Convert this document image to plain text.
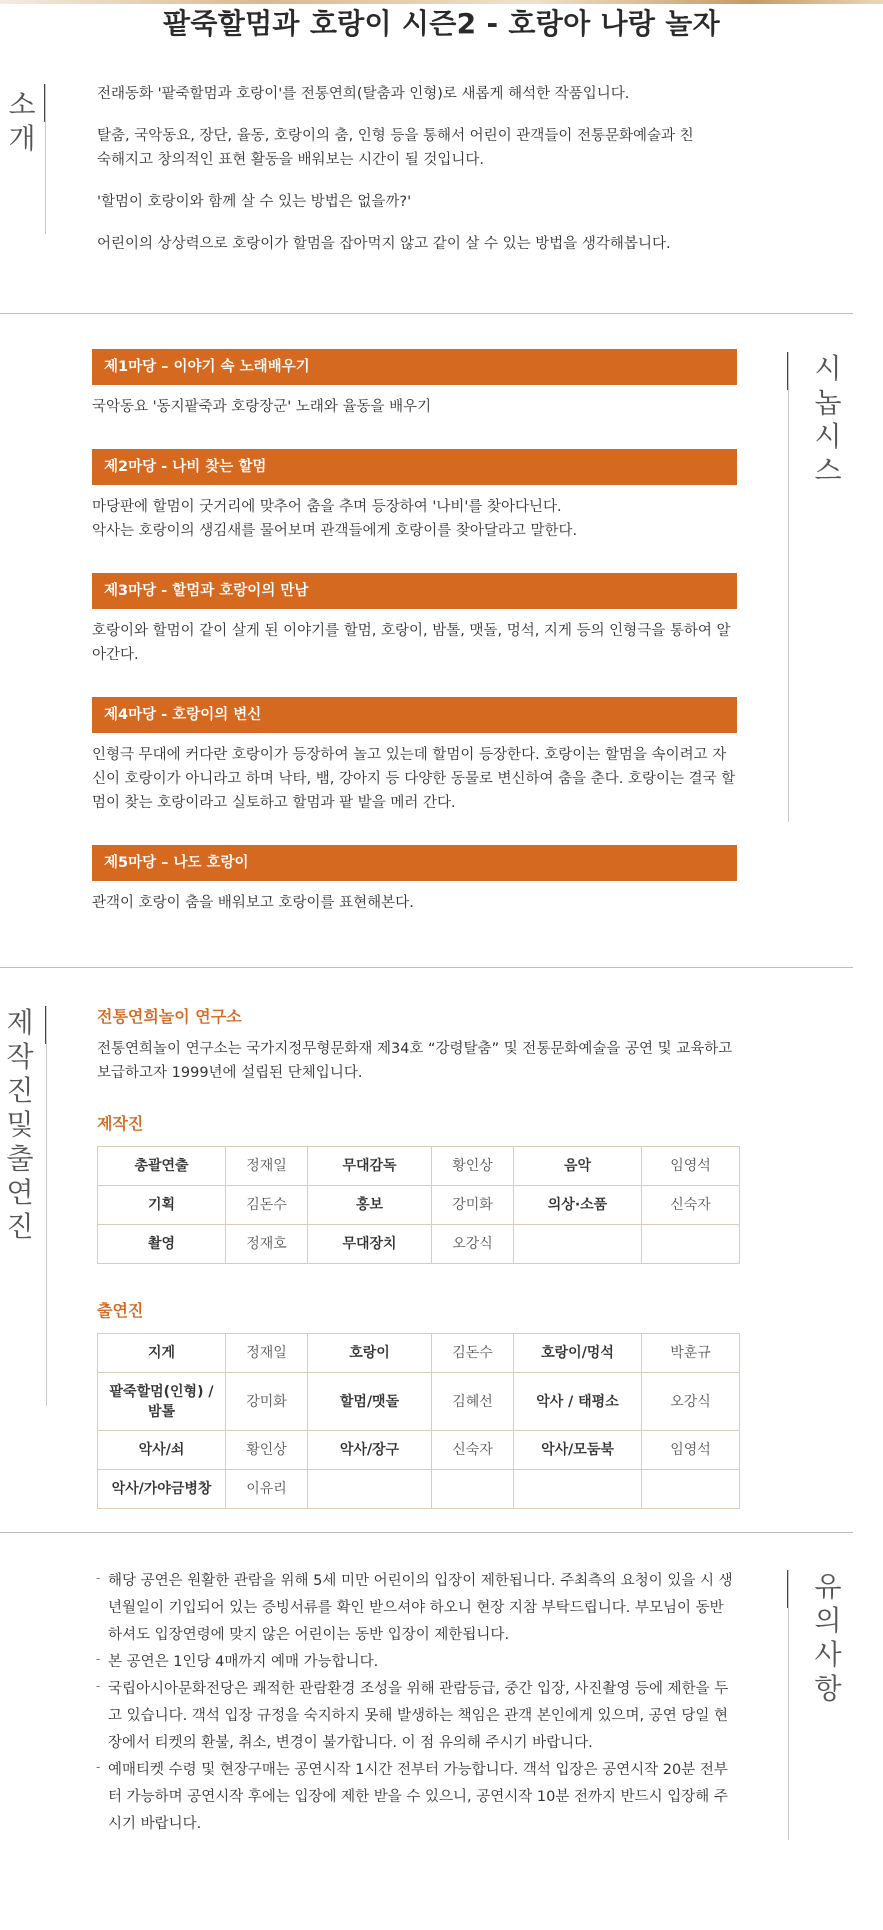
팥죽할멈과 호랑이 시즌2 - 호랑아 나랑 놀자
소
개

전래동화 '팥죽할멈과 호랑이'를 전통연희(탈춤과 인형)로 새롭게 해석한 작품입니다.

탈춤, 국악동요, 장단, 율동, 호랑이의 춤, 인형 등을 통해서 어린이 관객들이 전통문화예술과 친숙해지고 창의적인 표현 활동을 배워보는 시간이 될 것입니다.

'할멈이 호랑이와 함께 살 수 있는 방법은 없을까?'

어린이의 상상력으로 호랑이가 할멈을 잡아먹지 않고 같이 살 수 있는 방법을 생각해봅니다.

시
놉
시
스
제1마당 – 이야기 속 노래배우기
국악동요 '동지팥죽과 호랑장군' 노래와 율동을 배우기
제2마당 - 나비 찾는 할멈
마당판에 할멈이 굿거리에 맞추어 춤을 추며 등장하여 '나비'를 찾아다닌다.
악사는 호랑이의 생김새를 물어보며 관객들에게 호랑이를 찾아달라고 말한다.
제3마당 - 할멈과 호랑이의 만남
호랑이와 할멈이 같이 살게 된 이야기를 할멈, 호랑이, 밤톨, 맷돌, 멍석, 지게 등의 인형극을 통하여 알아간다.
제4마당 - 호랑이의 변신
인형극 무대에 커다란 호랑이가 등장하여 놀고 있는데 할멈이 등장한다. 호랑이는 할멈을 속이려고 자신이 호랑이가 아니라고 하며 낙타, 뱀, 강아지 등 다양한 동물로 변신하여 춤을 춘다. 호랑이는 결국 할멈이 찾는 호랑이라고 실토하고 할멈과 팥 밭을 메러 간다.
제5마당 – 나도 호랑이
관객이 호랑이 춤을 배워보고 호랑이를 표현해본다.
제
작
진
및
출
연
진
전통연희놀이 연구소
전통연희놀이 연구소는 국가지정무형문화재 제34호 “강령탈춤” 및 전통문화예술을 공연 및 교육하고 보급하고자 1999년에 설립된 단체입니다.
제작진
총괄연출	정재일	무대감독	황인상	음악	임영석
기획	김돈수	홍보	강미화	의상·소품	신숙자
촬영	정재호	무대장치	오강식		
출연진
지게	정재일	호랑이	김돈수	호랑이/멍석	박훈규
팥죽할멈(인형) / 밤톨	강미화	할멈/맷돌	김혜선	악사 / 태평소	오강식
악사/쇠	황인상	악사/장구	신숙자	악사/모둠북	임영석
악사/가야금병창	이유리				
유
의
사
항
- 해당 공연은 원활한 관람을 위해 5세 미만 어린이의 입장이 제한됩니다. 주최측의 요청이 있을 시 생년월일이 기입되어 있는 증빙서류를 확인 받으셔야 하오니 현장 지참 부탁드립니다. 부모님이 동반하셔도 입장연령에 맞지 않은 어린이는 동반 입장이 제한됩니다.
- 본 공연은 1인당 4매까지 예매 가능합니다.
- 국립아시아문화전당은 쾌적한 관람환경 조성을 위해 관람등급, 중간 입장, 사진촬영 등에 제한을 두고 있습니다. 객석 입장 규정을 숙지하지 못해 발생하는 책임은 관객 본인에게 있으며, 공연 당일 현장에서 티켓의 환불, 취소, 변경이 불가합니다. 이 점 유의해 주시기 바랍니다.
- 예매티켓 수령 및 현장구매는 공연시작 1시간 전부터 가능합니다. 객석 입장은 공연시작 20분 전부터 가능하며 공연시작 후에는 입장에 제한 받을 수 있으니, 공연시작 10분 전까지 반드시 입장해 주시기 바랍니다.
